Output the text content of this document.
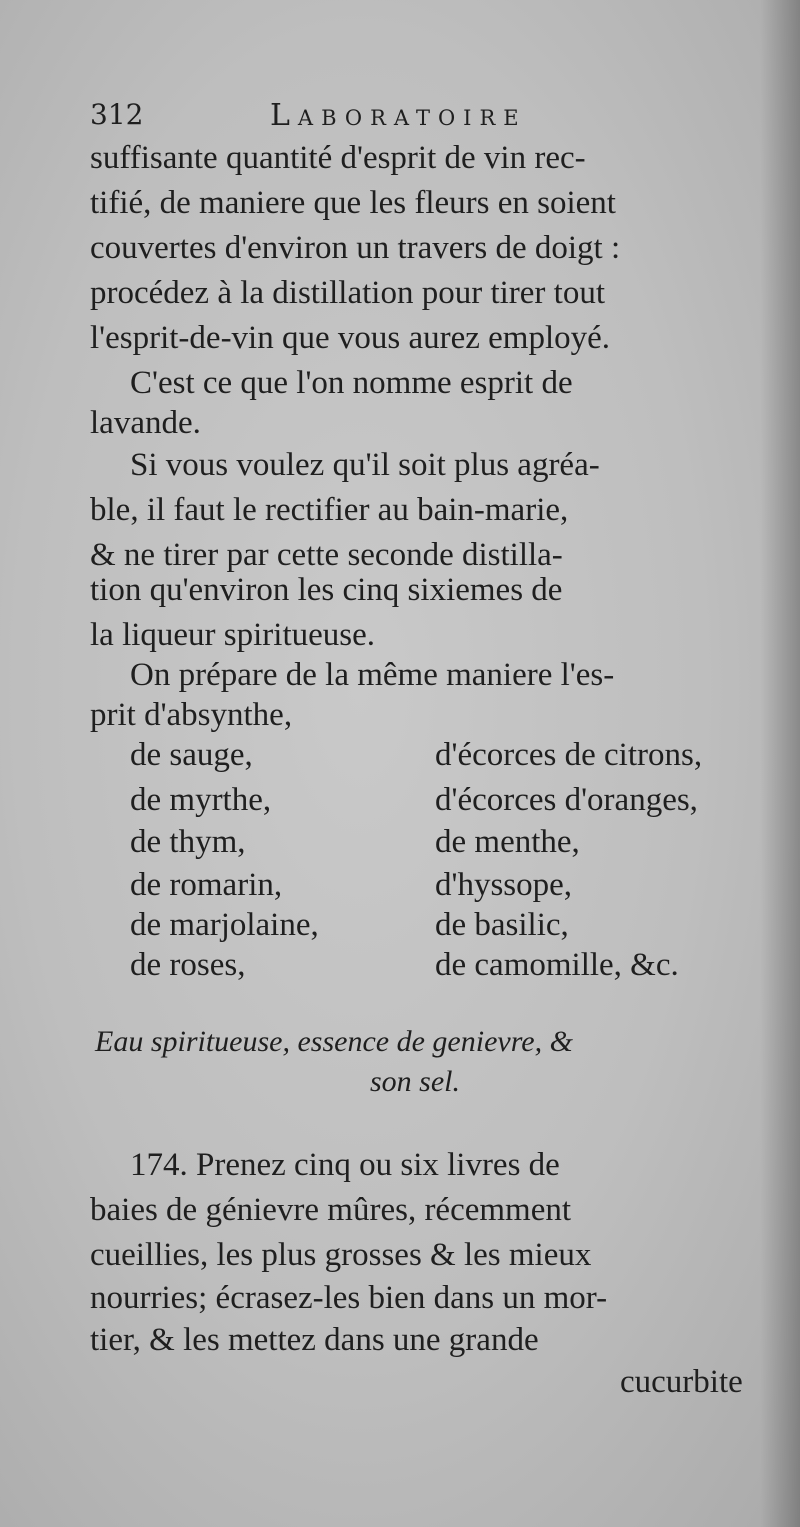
312	Laboratoire
suffisante quantité d'esprit de vin rec-
tifié, de maniere que les fleurs en soient
couvertes d'environ un travers de doigt :
procédez à la distillation pour tirer tout
l'esprit-de-vin que vous aurez employé.
C'est ce que l'on nomme esprit de
lavande.
Si vous voulez qu'il soit plus agréa-
ble, il faut le rectifier au bain-marie,
& ne tirer par cette seconde distilla-
tion qu'environ les cinq sixiemes de
la liqueur spiritueuse.
On prépare de la même maniere l'es-
prit d'absynthe,
de sauge,
de myrthe,
de thym,
de romarin,
de marjolaine,
de roses,
d'écorces de citrons,
d'écorces d'oranges,
de menthe,
d'hyssope,
de basilic,
de camomille, &c.
Eau spiritueuse, essence de genievre, &
son sel.
174. Prenez cinq ou six livres de
baies de génievre mûres, récemment
cueillies, les plus grosses & les mieux
nourries; écrasez-les bien dans un mor-
tier, & les mettez dans une grande
cucurbite
